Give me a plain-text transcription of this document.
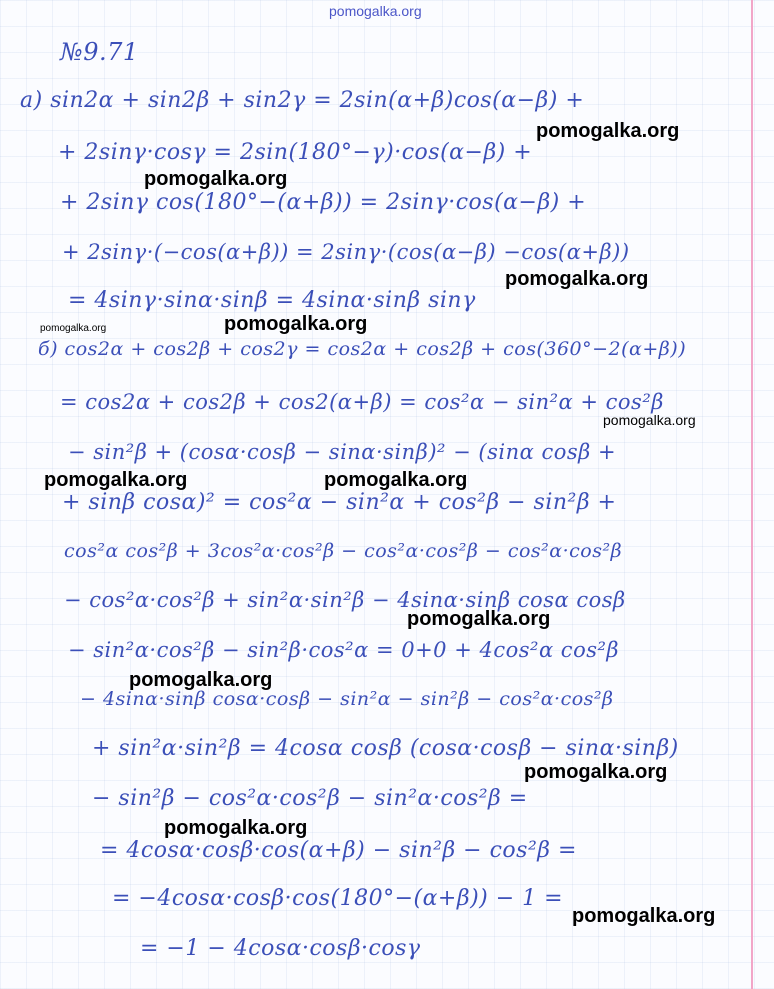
pomogalka.org
№9.71
a) sin2α + sin2β + sin2γ = 2sin(α+β)cos(α−β) +
+ 2sinγ·cosγ = 2sin(180°−γ)·cos(α−β) +
+ 2sinγ cos(180°−(α+β)) = 2sinγ·cos(α−β) +
+ 2sinγ·(−cos(α+β)) = 2sinγ·(cos(α−β) −cos(α+β))
= 4sinγ·sinα·sinβ = 4sinα·sinβ sinγ
б) cos2α + cos2β + cos2γ = cos2α + cos2β + cos(360°−2(α+β))
= cos2α + cos2β + cos2(α+β) = cos²α − sin²α + cos²β
− sin²β + (cosα·cosβ − sinα·sinβ)² − (sinα cosβ +
+ sinβ cosα)² = cos²α − sin²α + cos²β − sin²β +
cos²α cos²β + 3cos²α·cos²β − cos²α·cos²β − cos²α·cos²β
− cos²α·cos²β + sin²α·sin²β − 4sinα·sinβ cosα cosβ
− sin²α·cos²β − sin²β·cos²α = 0+0 + 4cos²α cos²β
− 4sinα·sinβ cosα·cosβ − sin²α − sin²β − cos²α·cos²β
+ sin²α·sin²β = 4cosα cosβ (cosα·cosβ − sinα·sinβ)
− sin²β − cos²α·cos²β − sin²α·cos²β =
= 4cosα·cosβ·cos(α+β) − sin²β − cos²β =
= −4cosα·cosβ·cos(180°−(α+β)) − 1 =
= −1 − 4cosα·cosβ·cosγ
pomogalka.org
pomogalka.org
pomogalka.org
pomogalka.org
pomogalka.org
pomogalka.org
pomogalka.org	pomogalka.org
pomogalka.org
pomogalka.org
pomogalka.org
pomogalka.org
pomogalka.org
